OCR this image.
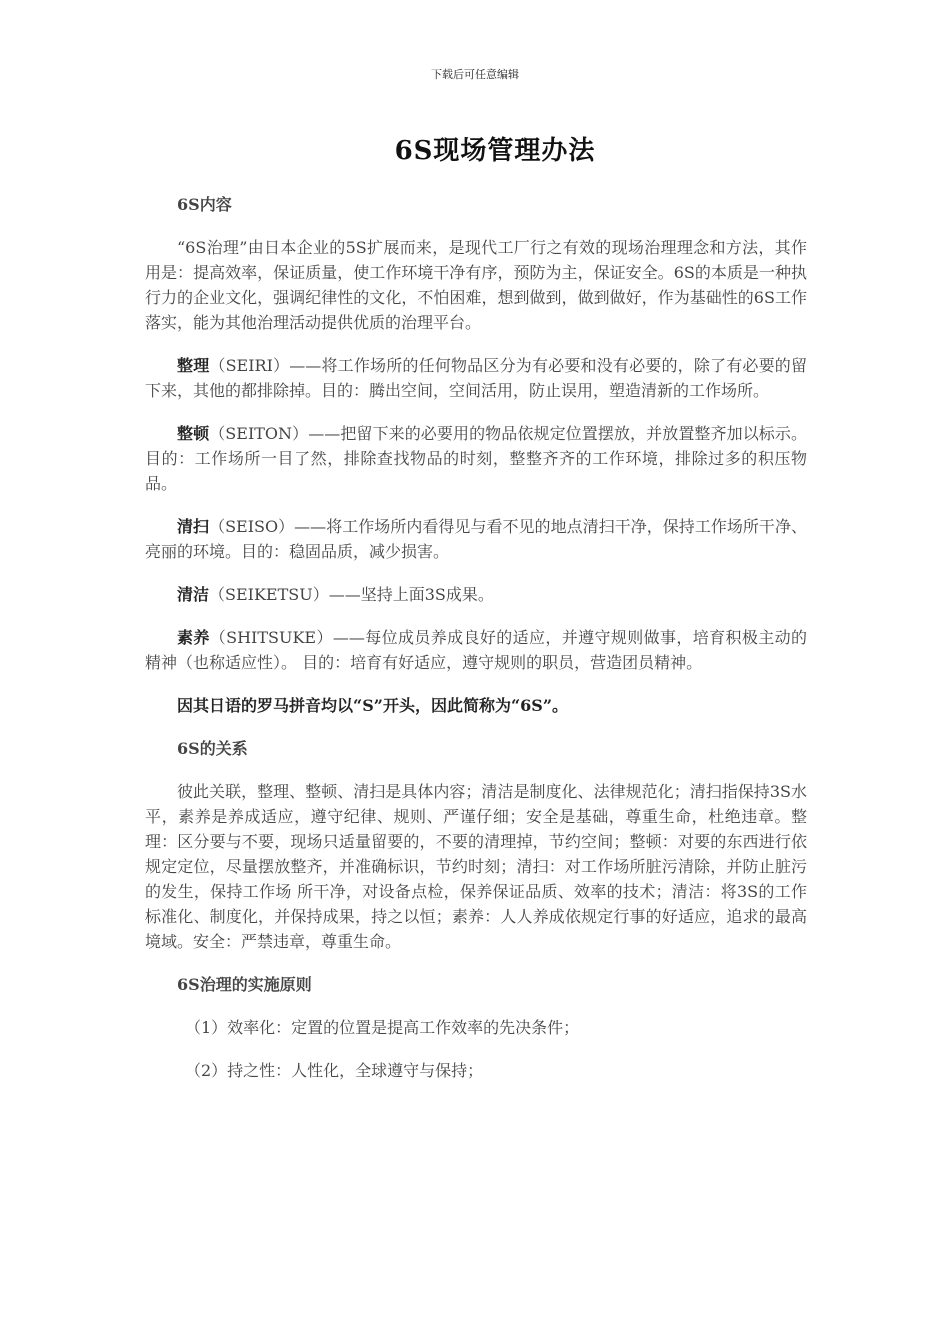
下载后可任意编辑
6S现场管理办法

6S内容

“6S治理”由日本企业的5S扩展而来，是现代工厂行之有效的现场治理理念和方法，其作用是：提高效率，保证质量，使工作环境干净有序，预防为主，保证安全。6S的本质是一种执行力的企业文化，强调纪律性的文化，不怕困难，想到做到，做到做好，作为基础性的6S工作落实，能为其他治理活动提供优质的治理平台。

整理（SEIRI）——将工作场所的任何物品区分为有必要和没有必要的，除了有必要的留下来，其他的都排除掉。目的：腾出空间，空间活用，防止误用，塑造清新的工作场所。

整顿（SEITON）——把留下来的必要用的物品依规定位置摆放，并放置整齐加以标示。目的：工作场所一目了然，排除查找物品的时刻，整整齐齐的工作环境，排除过多的积压物品。

清扫（SEISO）——将工作场所内看得见与看不见的地点清扫干净，保持工作场所干净、亮丽的环境。目的：稳固品质，减少损害。

清洁（SEIKETSU）——坚持上面3S成果。

素养（SHITSUKE）——每位成员养成良好的适应，并遵守规则做事，培育积极主动的精神（也称适应性）。 目的：培育有好适应，遵守规则的职员，营造团员精神。

因其日语的罗马拼音均以“S”开头，因此简称为“6S”。

6S的关系

彼此关联，整理、整顿、清扫是具体内容；清洁是制度化、法律规范化；清扫指保持3S水平，素养是养成适应，遵守纪律、规则、严谨仔细；安全是基础，尊重生命，杜绝违章。整理：区分要与不要，现场只适量留要的，不要的清理掉，节约空间；整顿：对要的东西进行依规定定位，尽量摆放整齐，并准确标识，节约时刻；清扫：对工作场所脏污清除，并防止脏污的发生，保持工作场 所干净，对设备点检，保养保证品质、效率的技术；清洁：将3S的工作标准化、制度化，并保持成果，持之以恒；素养：人人养成依规定行事的好适应，追求的最高境域。安全：严禁违章，尊重生命。

6S治理的实施原则

（1）效率化：定置的位置是提高工作效率的先决条件；

（2）持之性：人性化，全球遵守与保持；
